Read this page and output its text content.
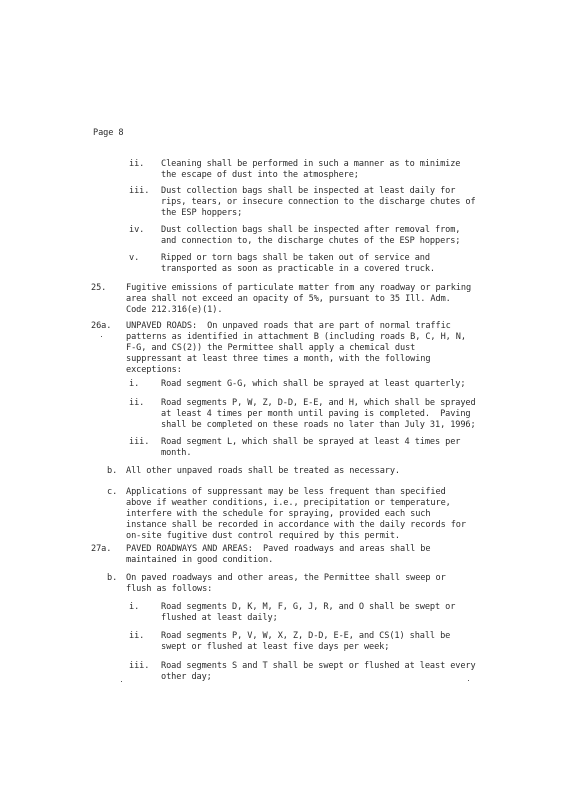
Page 8
ii. Cleaning shall be performed in such a manner as to minimize
the escape of dust into the atmosphere;
iii. Dust collection bags shall be inspected at least daily for
rips, tears, or insecure connection to the discharge chutes of
the ESP hoppers;
iv. Dust collection bags shall be inspected after removal from,
and connection to, the discharge chutes of the ESP hoppers;
v.	Ripped or torn bags shall be taken out of service and
transported as soon as practicable in a covered truck.
25. Fugitive emissions of particulate matter from any roadway or parking
area shall not exceed an opacity of 5%, pursuant to 35 Ill. Adm.
Code 212.316(e)(1).
26a. UNPAVED ROADS:  On unpaved roads that are part of normal traffic
patterns as identified in attachment B (including roads B, C, H, N,
F-G, and CS(2)) the Permittee shall apply a chemical dust
suppressant at least three times a month, with the following
exceptions:
i.	Road segment G-G, which shall be sprayed at least quarterly;
ii. Road segments P, W, Z, D-D, E-E, and H, which shall be sprayed
at least 4 times per month until paving is completed.  Paving
shall be completed on these roads no later than July 31, 1996;
iii. Road segment L, which shall be sprayed at least 4 times per
month.
b. All other unpaved roads shall be treated as necessary.
c. Applications of suppressant may be less frequent than specified
above if weather conditions, i.e., precipitation or temperature,
interfere with the schedule for spraying, provided each such
instance shall be recorded in accordance with the daily records for
on-site fugitive dust control required by this permit.
27a. PAVED ROADWAYS AND AREAS:  Paved roadways and areas shall be
maintained in good condition.
b. On paved roadways and other areas, the Permittee shall sweep or
flush as follows:
i.	Road segments D, K, M, F, G, J, R, and O shall be swept or
flushed at least daily;
ii. Road segments P, V, W, X, Z, D-D, E-E, and CS(1) shall be
swept or flushed at least five days per week;
iii. Road segments S and T shall be swept or flushed at least every
other day;
